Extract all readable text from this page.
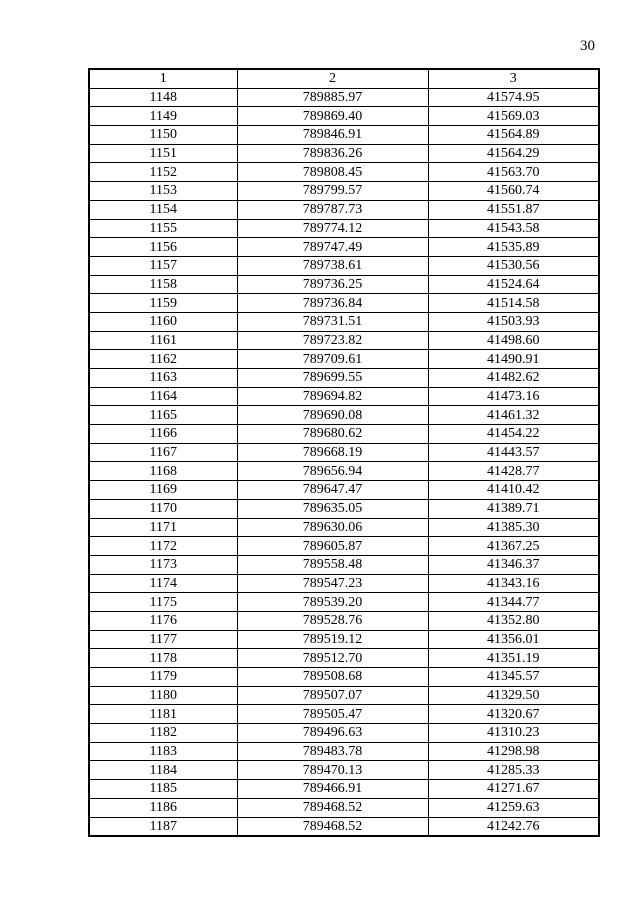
30
1	2	3
1148	789885.97	41574.95
1149	789869.40	41569.03
1150	789846.91	41564.89
1151	789836.26	41564.29
1152	789808.45	41563.70
1153	789799.57	41560.74
1154	789787.73	41551.87
1155	789774.12	41543.58
1156	789747.49	41535.89
1157	789738.61	41530.56
1158	789736.25	41524.64
1159	789736.84	41514.58
1160	789731.51	41503.93
1161	789723.82	41498.60
1162	789709.61	41490.91
1163	789699.55	41482.62
1164	789694.82	41473.16
1165	789690.08	41461.32
1166	789680.62	41454.22
1167	789668.19	41443.57
1168	789656.94	41428.77
1169	789647.47	41410.42
1170	789635.05	41389.71
1171	789630.06	41385.30
1172	789605.87	41367.25
1173	789558.48	41346.37
1174	789547.23	41343.16
1175	789539.20	41344.77
1176	789528.76	41352.80
1177	789519.12	41356.01
1178	789512.70	41351.19
1179	789508.68	41345.57
1180	789507.07	41329.50
1181	789505.47	41320.67
1182	789496.63	41310.23
1183	789483.78	41298.98
1184	789470.13	41285.33
1185	789466.91	41271.67
1186	789468.52	41259.63
1187	789468.52	41242.76
